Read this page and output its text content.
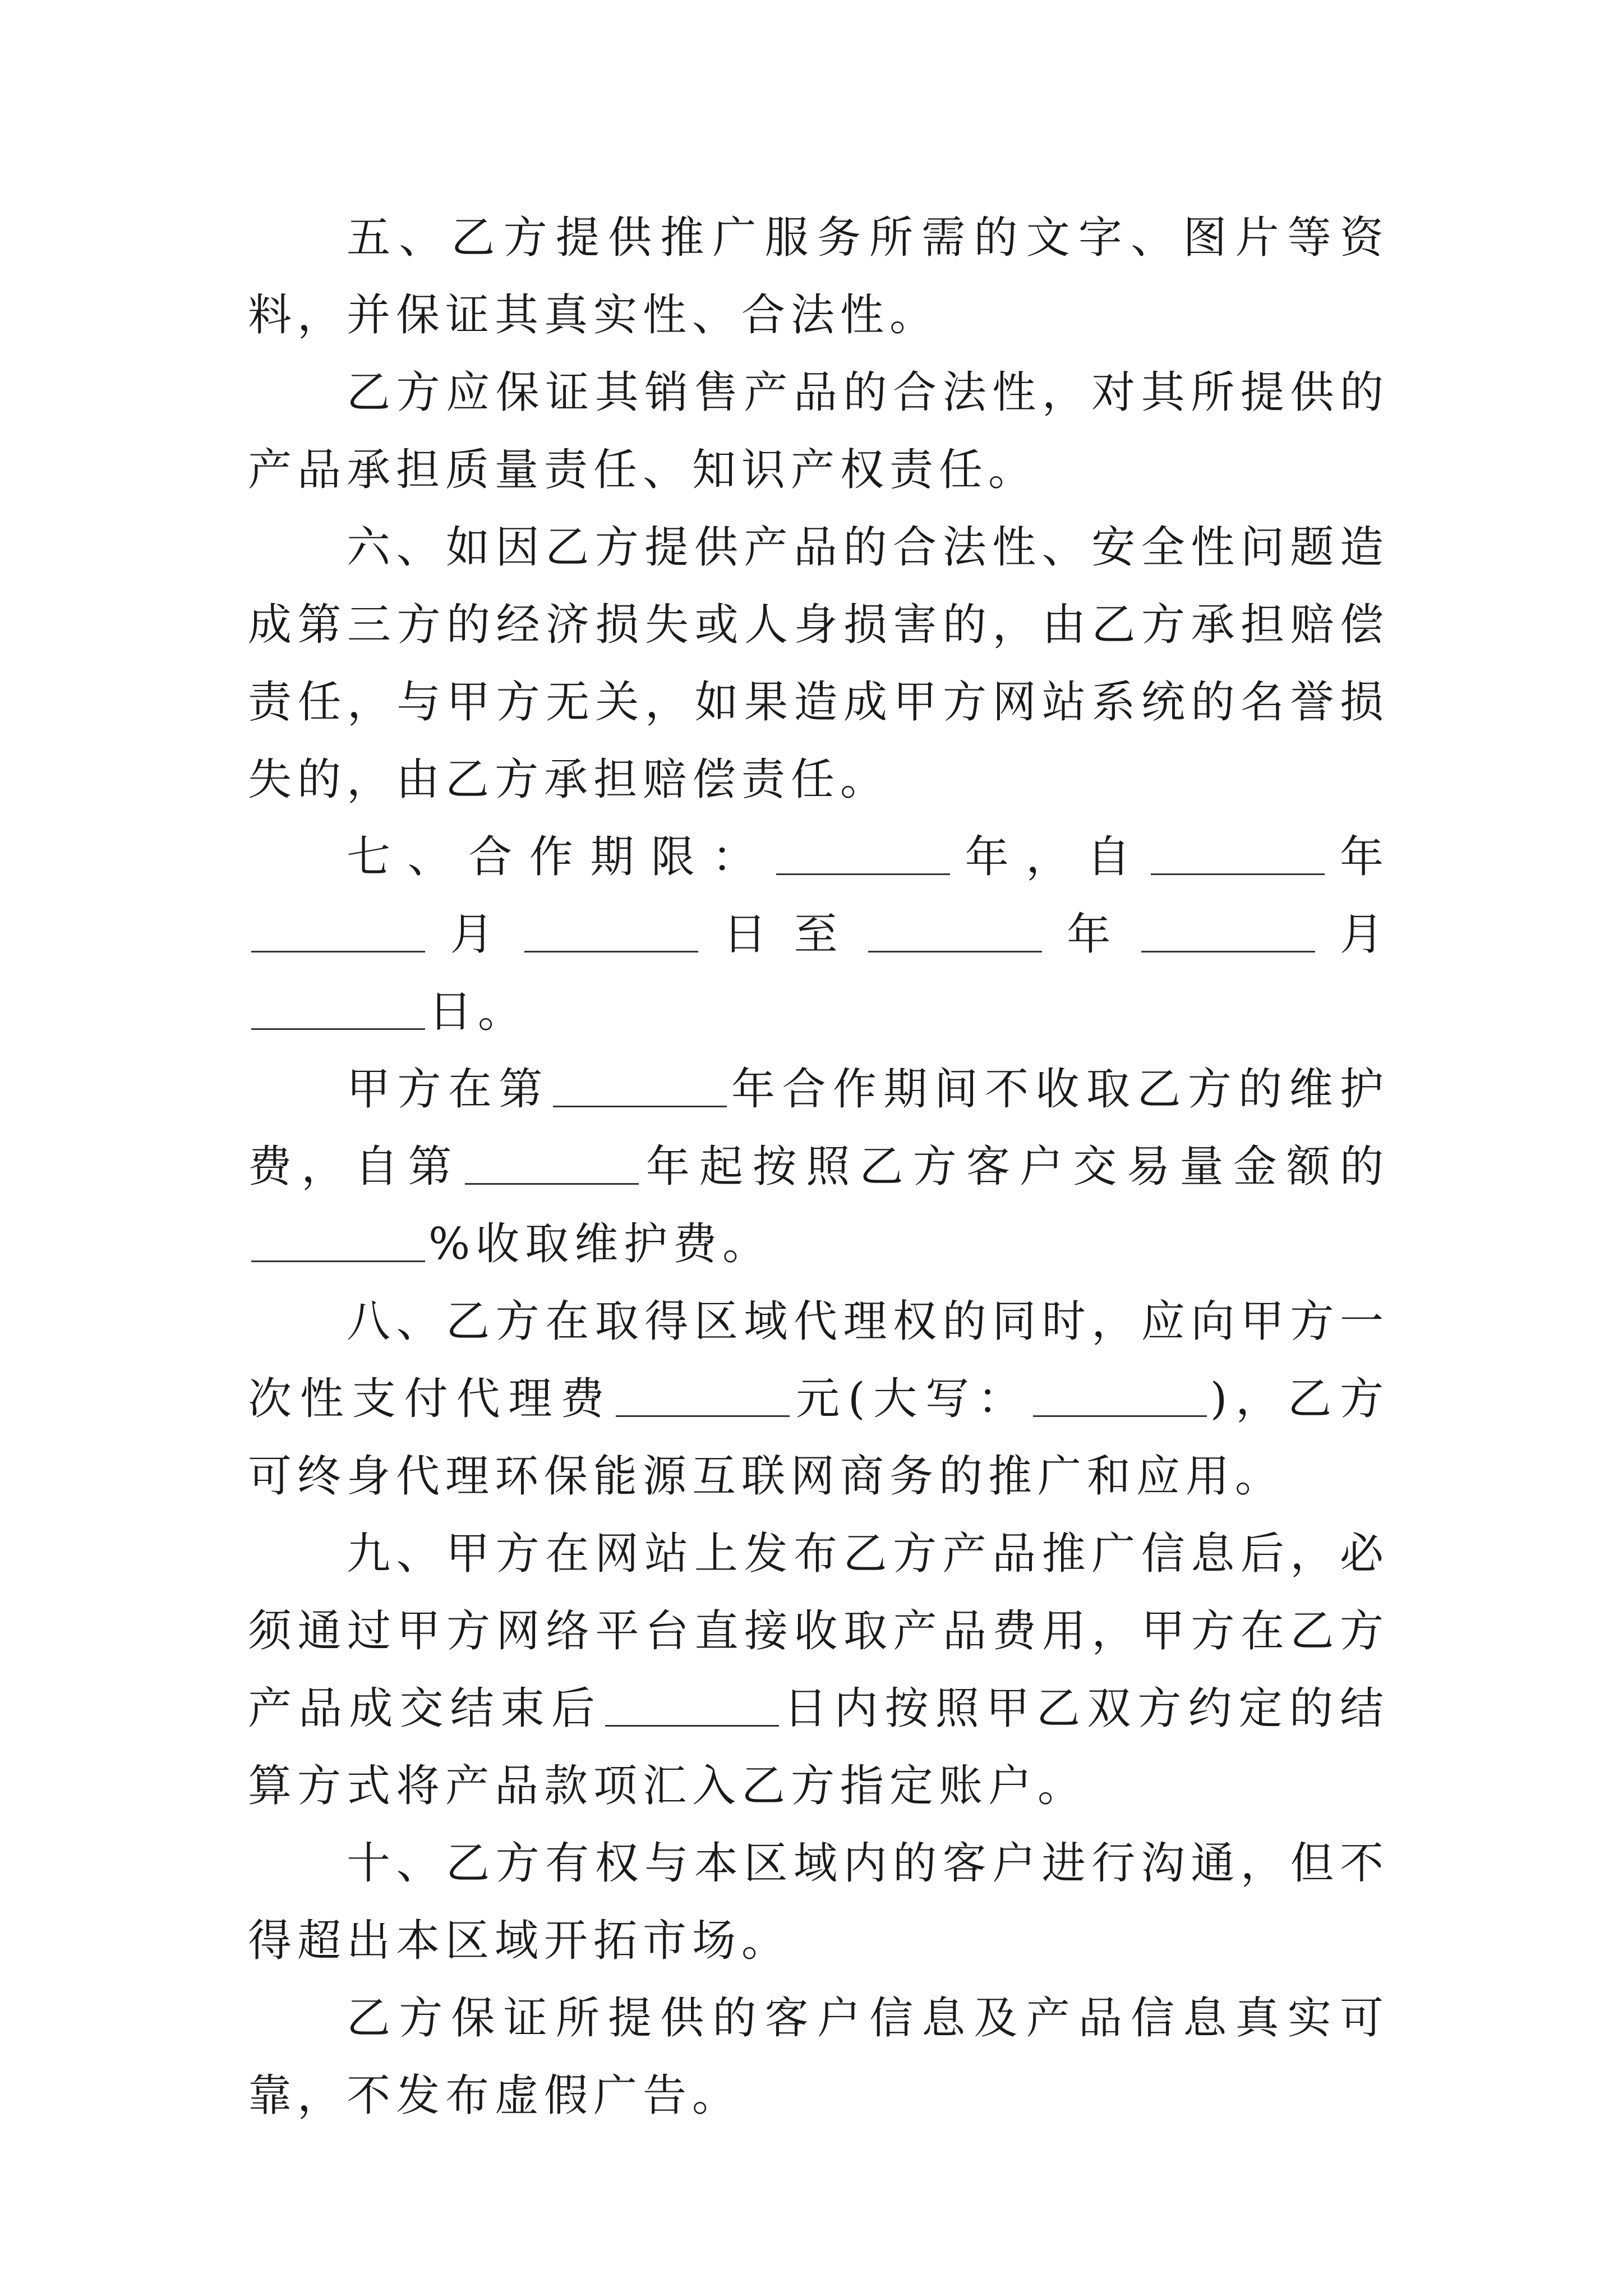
五、乙方提供推广服务所需的文字、图片等资料，并保证其真实性、合法性。

乙方应保证其销售产品的合法性，对其所提供的产品承担质量责任、知识产权责任。

六、如因乙方提供产品的合法性、安全性问题造成第三方的经济损失或人身损害的，由乙方承担赔偿责任，与甲方无关，如果造成甲方网站系统的名誉损失的，由乙方承担赔偿责任。

七、合作期限：	年，自	年月	日至	年	月日。

甲方在第	年合作期间不收取乙方的维护费，自第	年起按照乙方客户交易量金额的%收取维护费。

八、乙方在取得区域代理权的同时，应向甲方一次性支付代理费	元(大写：	)，乙方可终身代理环保能源互联网商务的推广和应用。

九、甲方在网站上发布乙方产品推广信息后，必须通过甲方网络平台直接收取产品费用，甲方在乙方产品成交结束后	日内按照甲乙双方约定的结算方式将产品款项汇入乙方指定账户。

十、乙方有权与本区域内的客户进行沟通，但不得超出本区域开拓市场。

乙方保证所提供的客户信息及产品信息真实可靠，不发布虚假广告。
